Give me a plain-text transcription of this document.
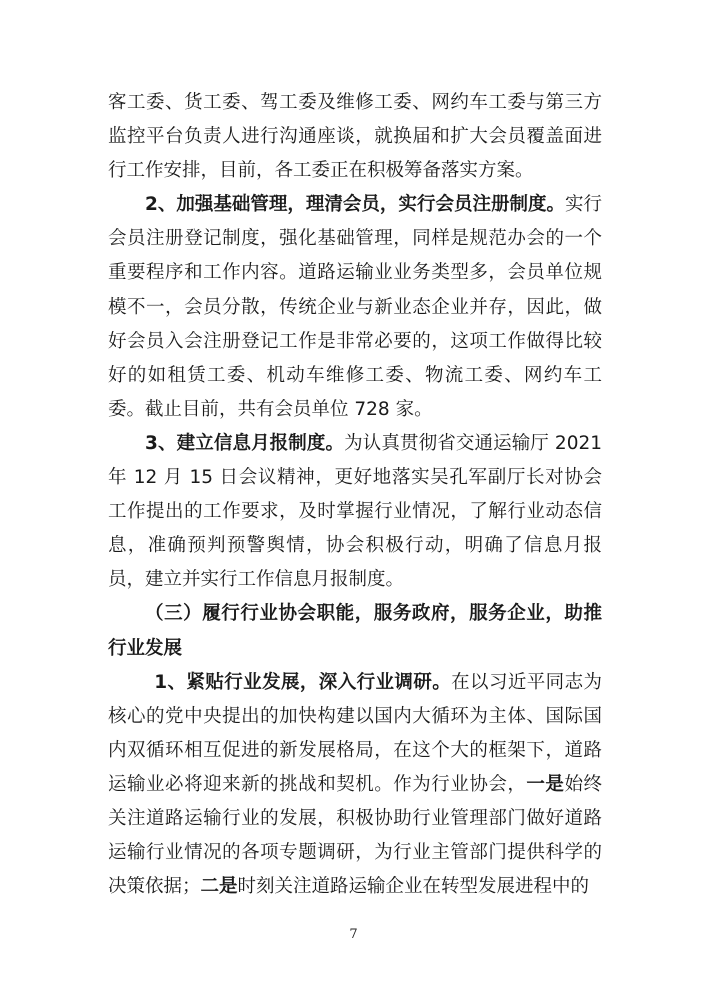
客工委、货工委、驾工委及维修工委、网约车工委与第三方监控平台负责人进行沟通座谈，就换届和扩大会员覆盖面进行工作安排，目前，各工委正在积极筹备落实方案。

2、加强基础管理，理清会员，实行会员注册制度。实行会员注册登记制度，强化基础管理，同样是规范办会的一个重要程序和工作内容。道路运输业业务类型多，会员单位规模不一，会员分散，传统企业与新业态企业并存，因此，做好会员入会注册登记工作是非常必要的，这项工作做得比较好的如租赁工委、机动车维修工委、物流工委、网约车工委。截止目前，共有会员单位 728 家。

3、建立信息月报制度。为认真贯彻省交通运输厅 2021 年 12 月 15 日会议精神，更好地落实吴孔军副厅长对协会工作提出的工作要求，及时掌握行业情况，了解行业动态信息，准确预判预警舆情，协会积极行动，明确了信息月报员，建立并实行工作信息月报制度。

（三）履行行业协会职能，服务政府，服务企业，助推行业发展

1、紧贴行业发展，深入行业调研。在以习近平同志为核心的党中央提出的加快构建以国内大循环为主体、国际国内双循环相互促进的新发展格局，在这个大的框架下，道路运输业必将迎来新的挑战和契机。作为行业协会，一是始终关注道路运输行业的发展，积极协助行业管理部门做好道路运输行业情况的各项专题调研，为行业主管部门提供科学的决策依据；二是时刻关注道路运输企业在转型发展进程中的

7
